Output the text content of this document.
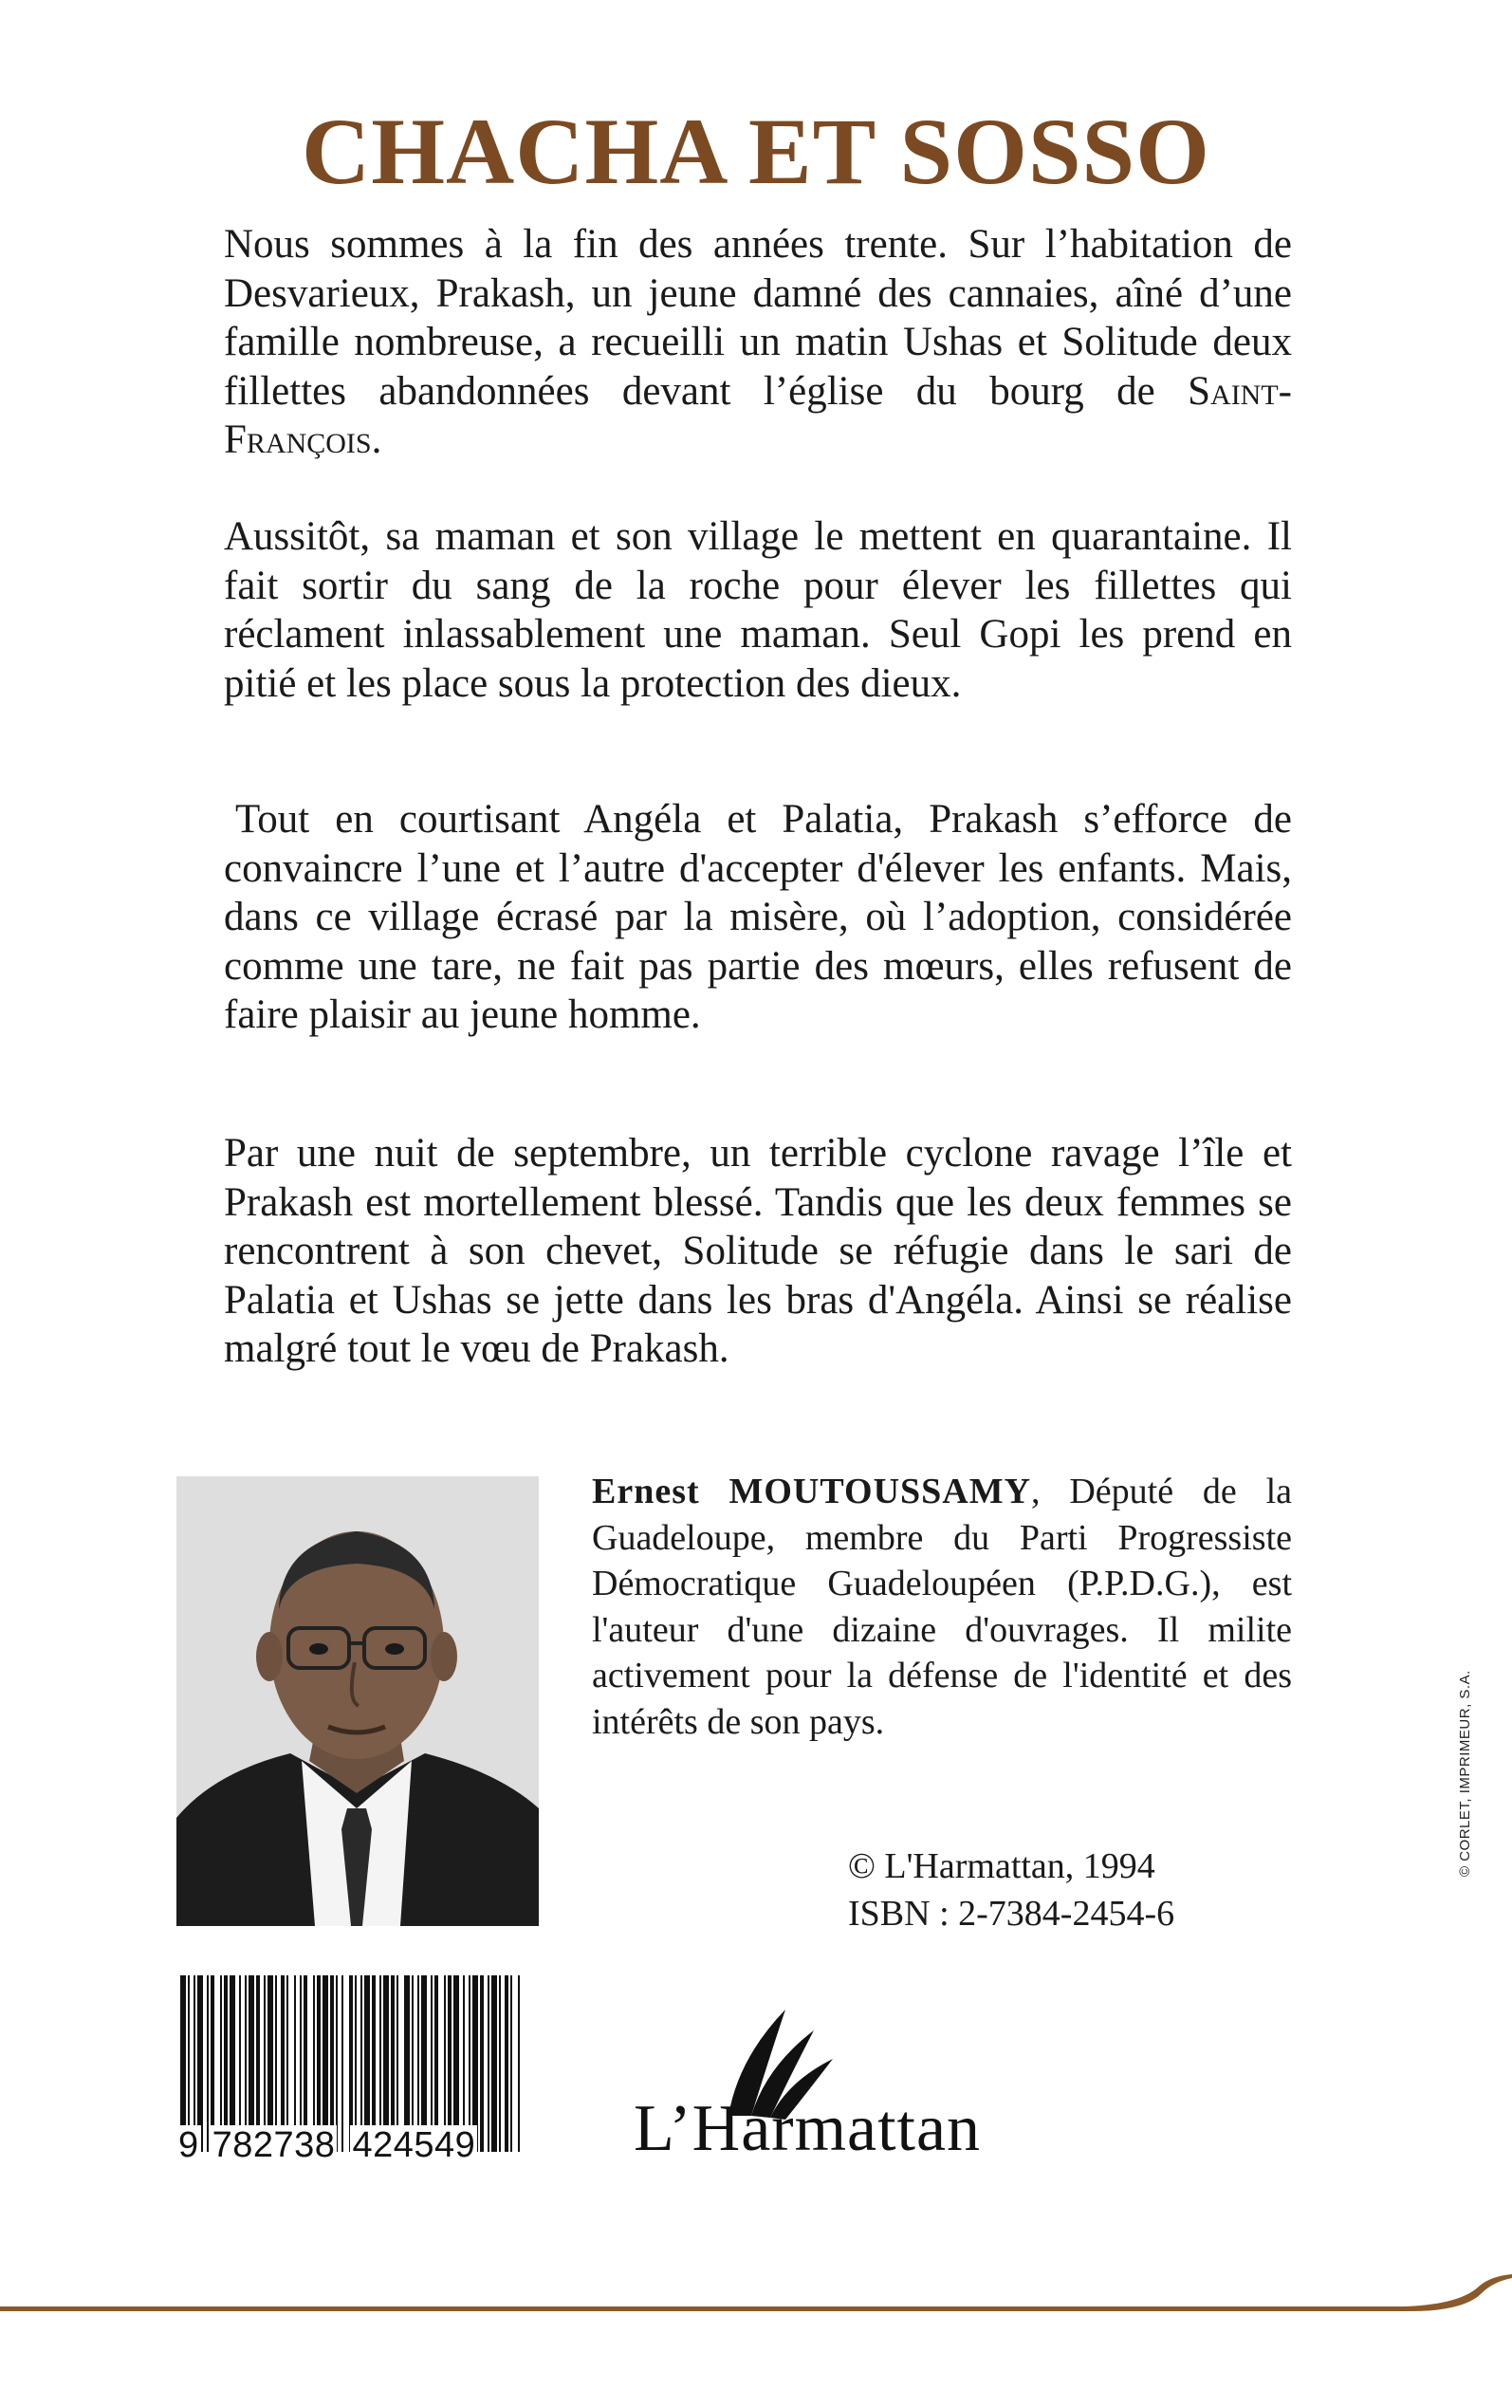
CHACHA ET SOSSO

Nous sommes à la fin des années trente. Sur l’habitation de Desvarieux, Prakash, un jeune damné des cannaies, aîné d’une famille nombreuse, a recueilli un matin Ushas et Solitude deux fillettes abandonnées devant l’église du bourg de Saint-François.

Aussitôt, sa maman et son village le mettent en quarantaine. Il fait sortir du sang de la roche pour élever les fillettes qui réclament inlassablement une maman. Seul Gopi les prend en pitié et les place sous la protection des dieux.

Tout en courtisant Angéla et Palatia, Prakash s’efforce de convaincre l’une et l’autre d'accepter d'élever les enfants. Mais, dans ce village écrasé par la misère, où l’adoption, considérée comme une tare, ne fait pas partie des mœurs, elles refusent de faire plaisir au jeune homme.

Par une nuit de septembre, un terrible cyclone ravage l’île et Prakash est mortellement blessé. Tandis que les deux femmes se rencontrent à son chevet, Solitude se réfugie dans le sari de Palatia et Ushas se jette dans les bras d'Angéla. Ainsi se réalise malgré tout le vœu de Prakash.

Ernest MOUTOUSSAMY, Député de la Guadeloupe, membre du Parti Progressiste Démocratique Guadeloupéen (P.P.D.G.), est l'auteur d'une dizaine d'ouvrages. Il milite activement pour la défense de l'identité et des intérêts de son pays.

© L'Harmattan, 1994
ISBN : 2-7384-2454-6
9 782738 424549	L’Harmattan
© CORLET, IMPRIMEUR, S.A.
